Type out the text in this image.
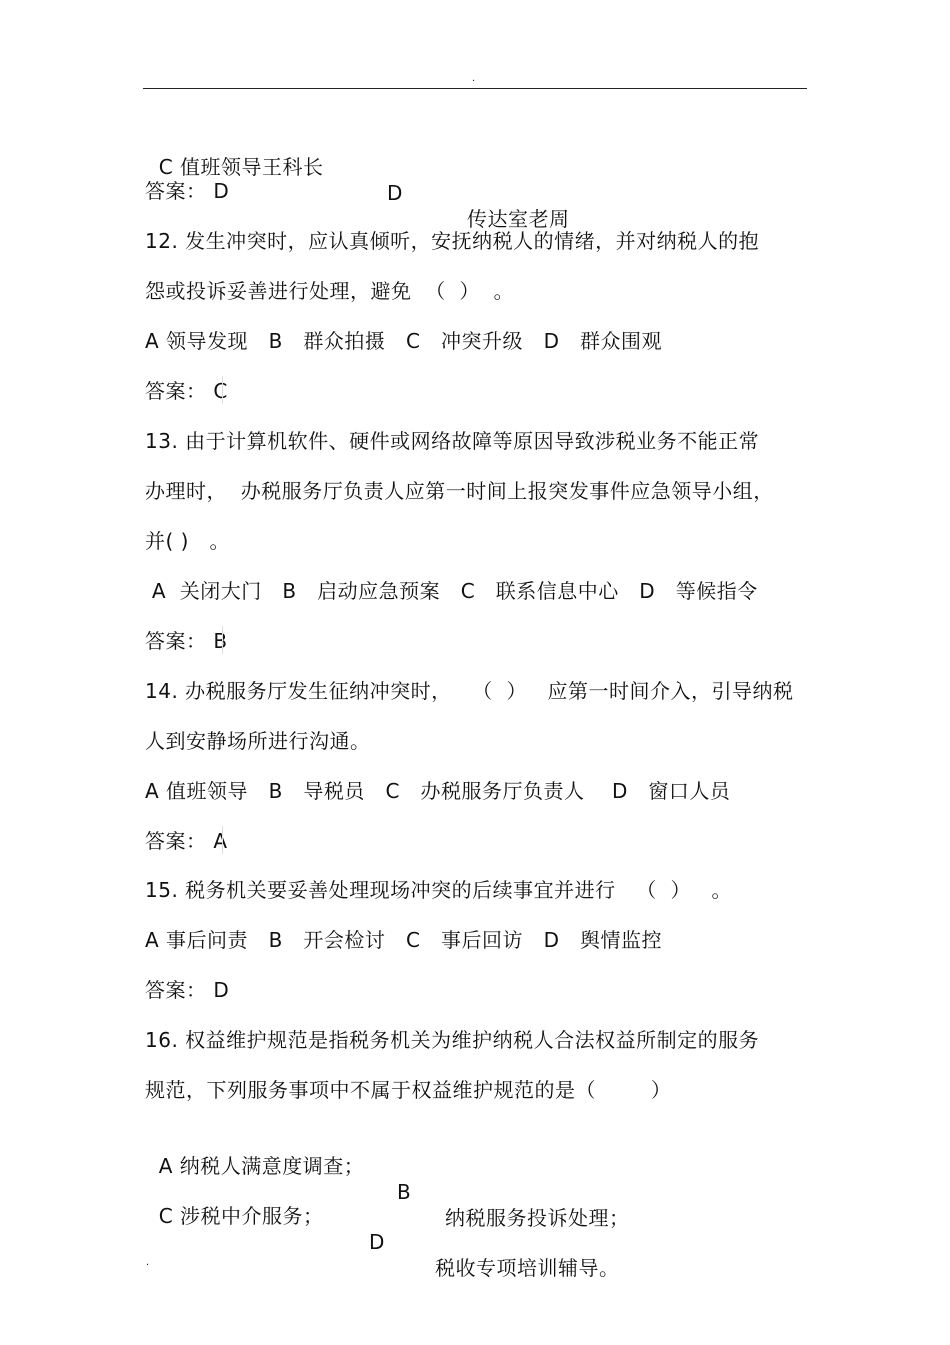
.

C 值班领导王科长

D

传达室老周

答案： D
12. 发生冲突时，应认真倾听，安抚纳税人的情绪，并对纳税人的抱
怨或投诉妥善进行处理，避免  （  ）  。
A 领导发现   B   群众拍摄   C   冲突升级   D   群众围观
答案： C
13. 由于计算机软件、硬件或网络故障等原因导致涉税业务不能正常
办理时，  办税服务厅负责人应第一时间上报突发事件应急领导小组，
并( )   。
A  关闭大门   B   启动应急预案   C   联系信息中心   D   等候指令
答案： B
14. 办税服务厅发生征纳冲突时，   （  ）   应第一时间介入，引导纳税
人到安静场所进行沟通。
A 值班领导   B   导税员   C   办税服务厅负责人    D   窗口人员
答案： A
15. 税务机关要妥善处理现场冲突的后续事宜并进行   （  ）   。
A 事后问责   B   开会检讨   C   事后回访   D   舆情监控
答案： D
16. 权益维护规范是指税务机关为维护纳税人合法权益所制定的服务
规范，下列服务事项中不属于权益维护规范的是（        ）

A 纳税人满意度调查；

B

纳税服务投诉处理；

C 涉税中介服务；

D

税收专项培训辅导。

.
